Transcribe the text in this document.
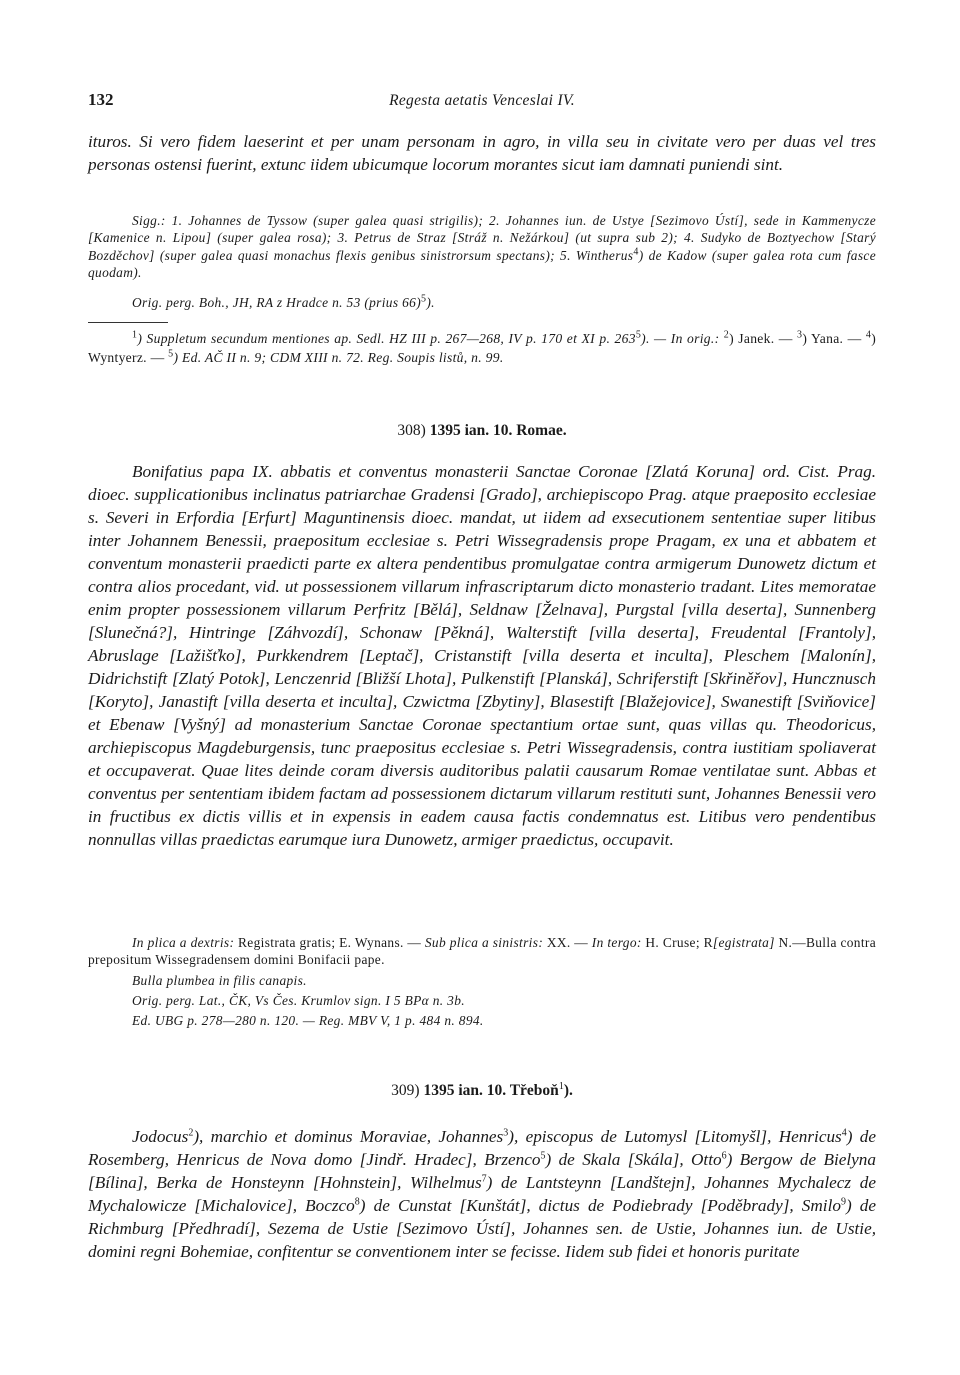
132	Regesta aetatis Venceslai IV.
ituros. Si vero fidem laeserint et per unam personam in agro, in villa seu in civitate vero per duas vel tres personas ostensi fuerint, extunc iidem ubicumque locorum morantes sicut iam damnati puniendi sint.
Sigg.: 1. Johannes de Tyssow (super galea quasi strigilis); 2. Johannes iun. de Ustye [Sezimovo Ústí], sede in Kammenycze [Kamenice n. Lipou] (super galea rosa); 3. Petrus de Straz [Stráž n. Nežárkou] (ut supra sub 2); 4. Sudyko de Boztyechow [Starý Bozděchov] (super galea quasi monachus flexis genibus sinistrorsum spectans); 5. Wintherus$^4$) de Kadow (super galea rota cum fasce quodam).
Orig. perg. Boh., JH, RA z Hradce n. 53 (prius 66)$^5$).
$^1$) Suppletum secundum mentiones ap. Sedl. HZ III p. 267—268, IV p. 170 et XI p. 263$^5$). — In orig.: $^2$) Janek. — $^3$) Yana. — $^4$) Wyntyerz. — $^5$) Ed. AČ II n. 9; CDM XIII n. 72. Reg. Soupis listů, n. 99.
308) 1395 ian. 10. Romae.
Bonifatius papa IX. abbatis et conventus monasterii Sanctae Coronae [Zlatá Koruna] ord. Cist. Prag. dioec. supplicationibus inclinatus patriarchae Gradensi [Grado], archiepiscopo Prag. atque praeposito ecclesiae s. Severi in Erfordia [Erfurt] Maguntinensis dioec. mandat, ut iidem ad exsecutionem sententiae super litibus inter Johannem Benessii, praepositum ecclesiae s. Petri Wissegradensis prope Pragam, ex una et abbatem et conventum monasterii praedicti parte ex altera pendentibus promulgatae contra armigerum Dunowetz dictum et contra alios procedant, vid. ut possessionem villarum infrascriptarum dicto monasterio tradant. Lites memoratae enim propter possessionem villarum Perfritz [Bělá], Seldnaw [Želnava], Purgstal [villa deserta], Sunnenberg [Slunečná?], Hintringe [Záhvozdí], Schonaw [Pěkná], Walterstift [villa deserta], Freudental [Frantoly], Abruslage [Lažišťko], Purkkendrem [Leptač], Cristanstift [villa deserta et inculta], Pleschem [Malonín], Didrichstift [Zlatý Potok], Lenczenrid [Bližší Lhota], Pulkenstift [Planská], Schriferstift [Skřiněřov], Huncznusch [Koryto], Janastift [villa deserta et inculta], Czwictma [Zbytiny], Blasestift [Blažejovice], Swanestift [Sviňovice] et Ebenaw [Vyšný] ad monasterium Sanctae Coronae spectantium ortae sunt, quas villas qu. Theodoricus, archiepiscopus Magdeburgensis, tunc praepositus ecclesiae s. Petri Wissegradensis, contra iustitiam spoliaverat et occupaverat. Quae lites deinde coram diversis auditoribus palatii causarum Romae ventilatae sunt. Abbas et conventus per sententiam ibidem factam ad possessionem dictarum villarum restituti sunt, Johannes Benessii vero in fructibus ex dictis villis et in expensis in eadem causa factis condemnatus est. Litibus vero pendentibus nonnullas villas praedictas earumque iura Dunowetz, armiger praedictus, occupavit.
In plica a dextris: Registrata gratis; E. Wynans. — Sub plica a sinistris: XX. — In tergo: H. Cruse; R[egistrata] N.—Bulla contra prepositum Wissegradensem domini Bonifacii pape.
Bulla plumbea in filis canapis.
Orig. perg. Lat., ČK, Vs Čes. Krumlov sign. I 5 BPα n. 3b.
Ed. UBG p. 278—280 n. 120. — Reg. MBV V, 1 p. 484 n. 894.
309) 1395 ian. 10. Třeboň$^1$).
Jodocus$^2$), marchio et dominus Moraviae, Johannes$^3$), episcopus de Lutomysl [Litomyšl], Henricus$^4$) de Rosemberg, Henricus de Nova domo [Jindř. Hradec], Brzenco$^5$) de Skala [Skála], Otto$^6$) Bergow de Bielyna [Bílina], Berka de Honsteynn [Hohnstein], Wilhelmus$^7$) de Lantsteynn [Landštejn], Johannes Mychalecz de Mychalowicze [Michalovice], Boczco$^8$) de Cunstat [Kunštát], dictus de Podiebrady [Poděbrady], Smilo$^9$) de Richmburg [Předhradí], Sezema de Ustie [Sezimovo Ústí], Johannes sen. de Ustie, Johannes iun. de Ustie, domini regni Bohemiae, confitentur se conventionem inter se fecisse. Iidem sub fidei et honoris puritate
